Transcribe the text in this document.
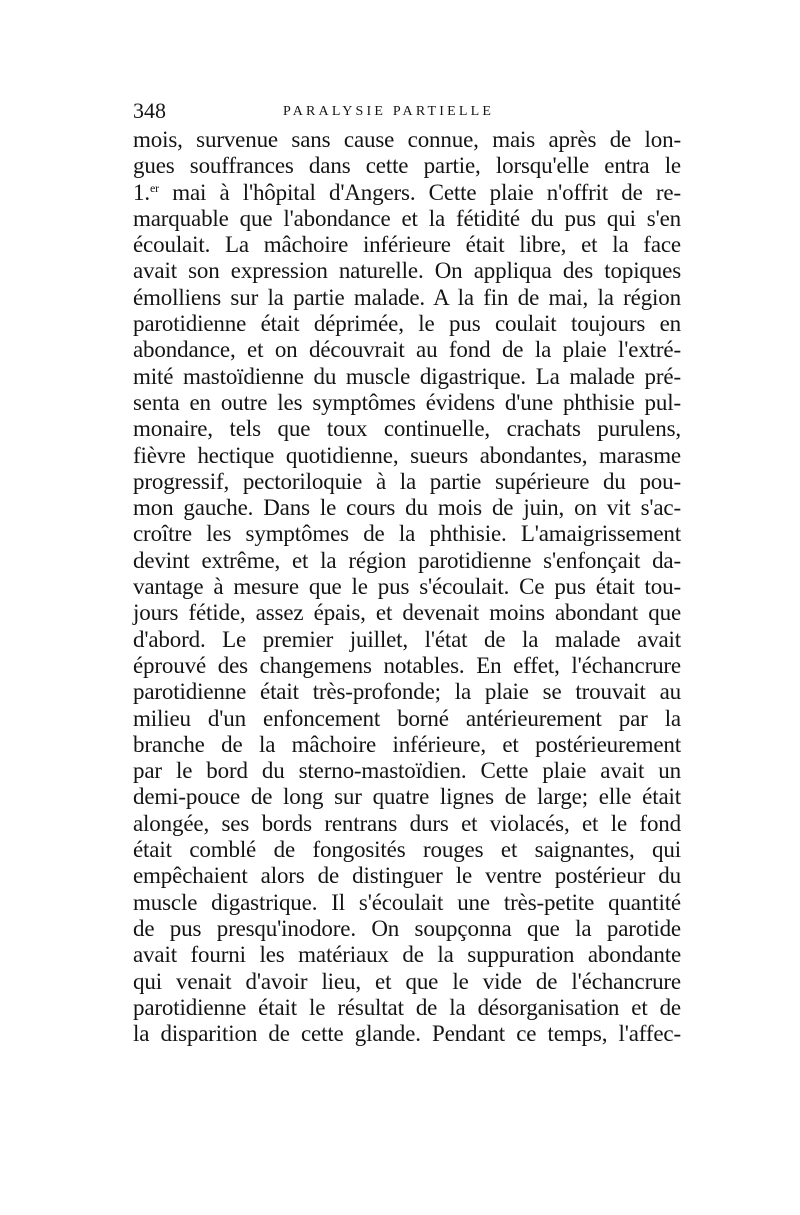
348	PARALYSIE PARTIELLE
mois, survenue sans cause connue, mais après de lon-
gues souffrances dans cette partie, lorsqu'elle entra le
1.$^{er}$ mai à l'hôpital d'Angers. Cette plaie n'offrit de re-
marquable que l'abondance et la fétidité du pus qui s'en
écoulait. La mâchoire inférieure était libre, et la face
avait son expression naturelle. On appliqua des topiques
émolliens sur la partie malade. A la fin de mai, la région
parotidienne était déprimée, le pus coulait toujours en
abondance, et on découvrait au fond de la plaie l'extré-
mité mastoïdienne du muscle digastrique. La malade pré-
senta en outre les symptômes évidens d'une phthisie pul-
monaire, tels que toux continuelle, crachats purulens,
fièvre hectique quotidienne, sueurs abondantes, marasme
progressif, pectoriloquie à la partie supérieure du pou-
mon gauche. Dans le cours du mois de juin, on vit s'ac-
croître les symptômes de la phthisie. L'amaigrissement
devint extrême, et la région parotidienne s'enfonçait da-
vantage à mesure que le pus s'écoulait. Ce pus était tou-
jours fétide, assez épais, et devenait moins abondant que
d'abord. Le premier juillet, l'état de la malade avait
éprouvé des changemens notables. En effet, l'échancrure
parotidienne était très-profonde; la plaie se trouvait au
milieu d'un enfoncement borné antérieurement par la
branche de la mâchoire inférieure, et postérieurement
par le bord du sterno-mastoïdien. Cette plaie avait un
demi-pouce de long sur quatre lignes de large; elle était
alongée, ses bords rentrans durs et violacés, et le fond
était comblé de fongosités rouges et saignantes, qui
empêchaient alors de distinguer le ventre postérieur du
muscle digastrique. Il s'écoulait une très-petite quantité
de pus presqu'inodore. On soupçonna que la parotide
avait fourni les matériaux de la suppuration abondante
qui venait d'avoir lieu, et que le vide de l'échancrure
parotidienne était le résultat de la désorganisation et de
la disparition de cette glande. Pendant ce temps, l'affec-
